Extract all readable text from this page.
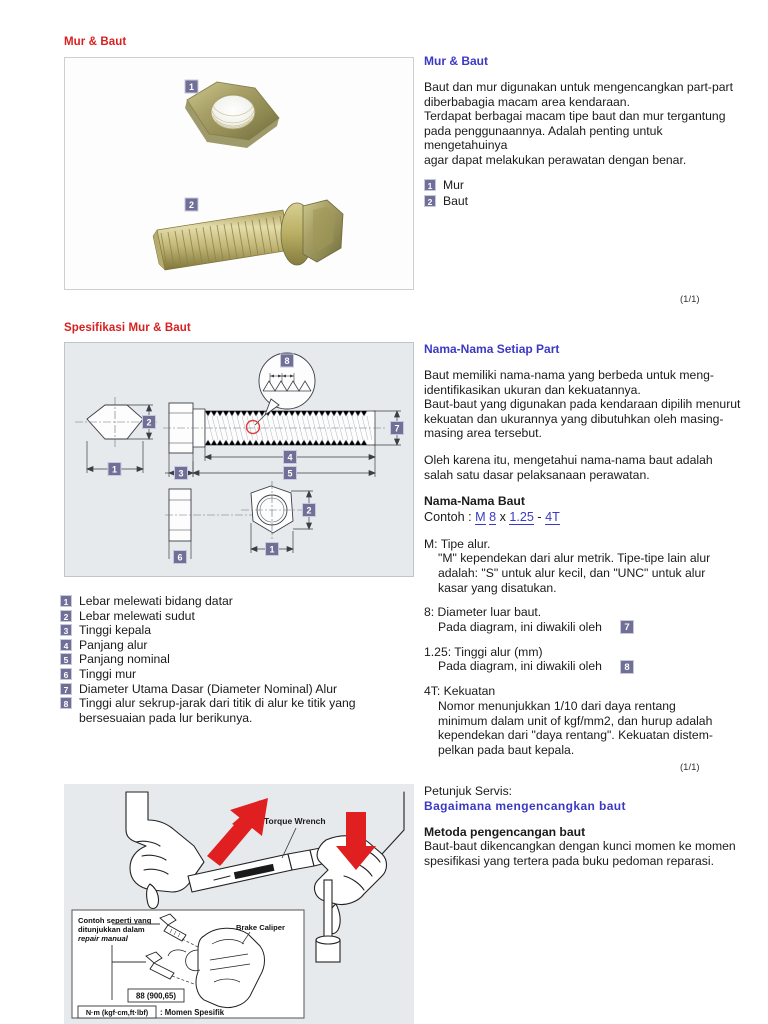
Mur & Baut
1
2
Mur & Baut
Baut dan mur digunakan untuk mengencangkan part-part
diberbabagia macam area kendaraan.
Terdapat berbagai macam tipe baut dan mur tergantung
pada penggunaannya. Adalah penting untuk mengetahuinya
agar dapat melakukan perawatan dengan benar.
1 Mur
2 Baut
(1/1)
Spesifikasi Mur & Baut
1
2
8
7
3
4
5
6
2
1
1 Lebar melewati bidang datar
2 Lebar melewati sudut
3 Tinggi kepala
4 Panjang alur
5 Panjang nominal
6 Tinggi mur
7 Diameter Utama Dasar (Diameter Nominal) Alur
8 Tinggi alur sekrup-jarak dari titik di alur ke titik yang
bersesuaian pada lur berikunya.
Nama-Nama Setiap Part
Baut memiliki nama-nama yang berbeda untuk meng-
identifikasikan ukuran dan kekuatannya.
Baut-baut yang digunakan pada kendaraan dipilih menurut
kekuatan dan ukurannya yang dibutuhkan oleh masing-
masing area tersebut.
Oleh karena itu, mengetahui nama-nama baut adalah
salah satu dasar pelaksanaan perawatan.
Nama-Nama Baut
Contoh : M 8 x 1.25 - 4T
M: Tipe alur.
"M" kependekan dari alur metrik. Tipe-tipe lain alur
adalah: "S" untuk alur kecil, dan "UNC" untuk alur
kasar yang disatukan.
8: Diameter luar baut.
Pada diagram, ini diwakili oleh	7
1.25: Tinggi alur (mm)
Pada diagram, ini diwakili oleh	8
4T: Kekuatan
Nomor menunjukkan 1/10 dari daya rentang
minimum dalam unit of kgf/mm2, dan hurup adalah
kependekan dari "daya rentang". Kekuatan distem-
pelkan pada baut kepala.
(1/1)
Petunjuk Servis:
Bagaimana mengencangkan baut
Metoda pengencangan baut
Baut-baut dikencangkan dengan kunci momen ke momen
spesifikasi yang tertera pada buku pedoman reparasi.
Torque Wrench
Contoh seperti yang
ditunjukkan dalam
repair manual
Brake Caliper
88 (900,65)
N·m (kgf·cm,ft·lbf) : Momen Spesifik
